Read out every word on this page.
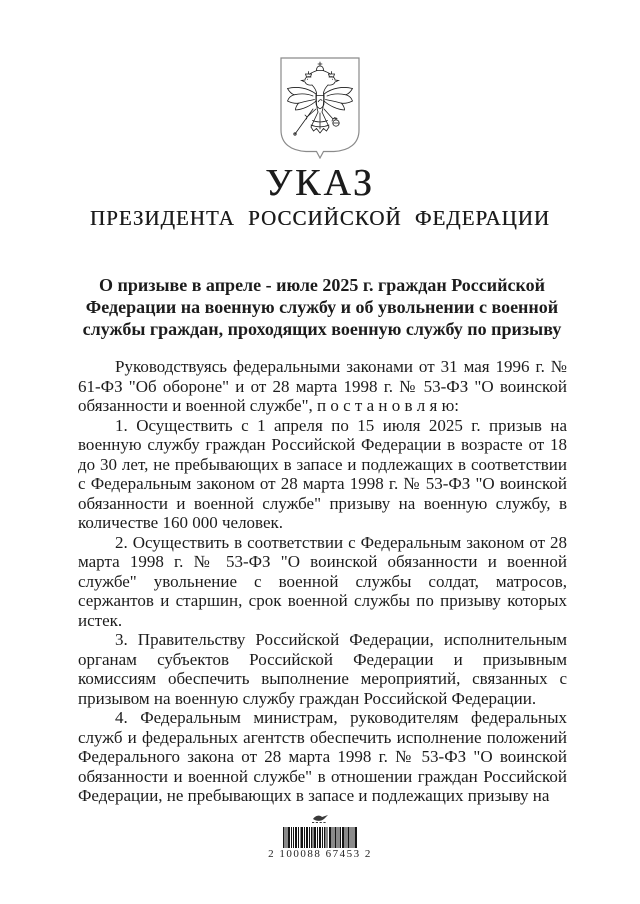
УКАЗ
ПРЕЗИДЕНТА РОССИЙСКОЙ ФЕДЕРАЦИИ

О призыве в апреле - июле 2025 г. граждан Российской

Федерации на военную службу и об увольнении с военной

службы граждан, проходящих военную службу по призыву

Руководствуясь федеральными законами от 31 мая 1996 г. № 61-ФЗ "Об обороне" и от 28 марта 1998 г. № 53-ФЗ "О воинской обязанности и военной службе", п о с т а н о в л я ю:

1. Осуществить с 1 апреля по 15 июля 2025 г. призыв на военную службу граждан Российской Федерации в возрасте от 18 до 30 лет, не пребывающих в запасе и подлежащих в соответствии с Федеральным законом от 28 марта 1998 г. № 53-ФЗ "О воинской обязанности и военной службе" призыву на военную службу, в количестве 160 000 человек.

2. Осуществить в соответствии с Федеральным законом от 28 марта 1998 г. № 53-ФЗ "О воинской обязанности и военной службе" увольнение с военной службы солдат, матросов, сержантов и старшин, срок военной службы по призыву которых истек.

3. Правительству Российской Федерации, исполнительным органам субъектов Российской Федерации и призывным комиссиям обеспечить выполнение мероприятий, связанных с призывом на военную службу граждан Российской Федерации.

4. Федеральным министрам, руководителям федеральных служб и федеральных агентств обеспечить исполнение положений Федерального закона от 28 марта 1998 г. № 53-ФЗ "О воинской обязанности и военной службе" в отношении граждан Российской Федерации, не пребывающих в запасе и подлежащих призыву на

2 100088 67453 2
